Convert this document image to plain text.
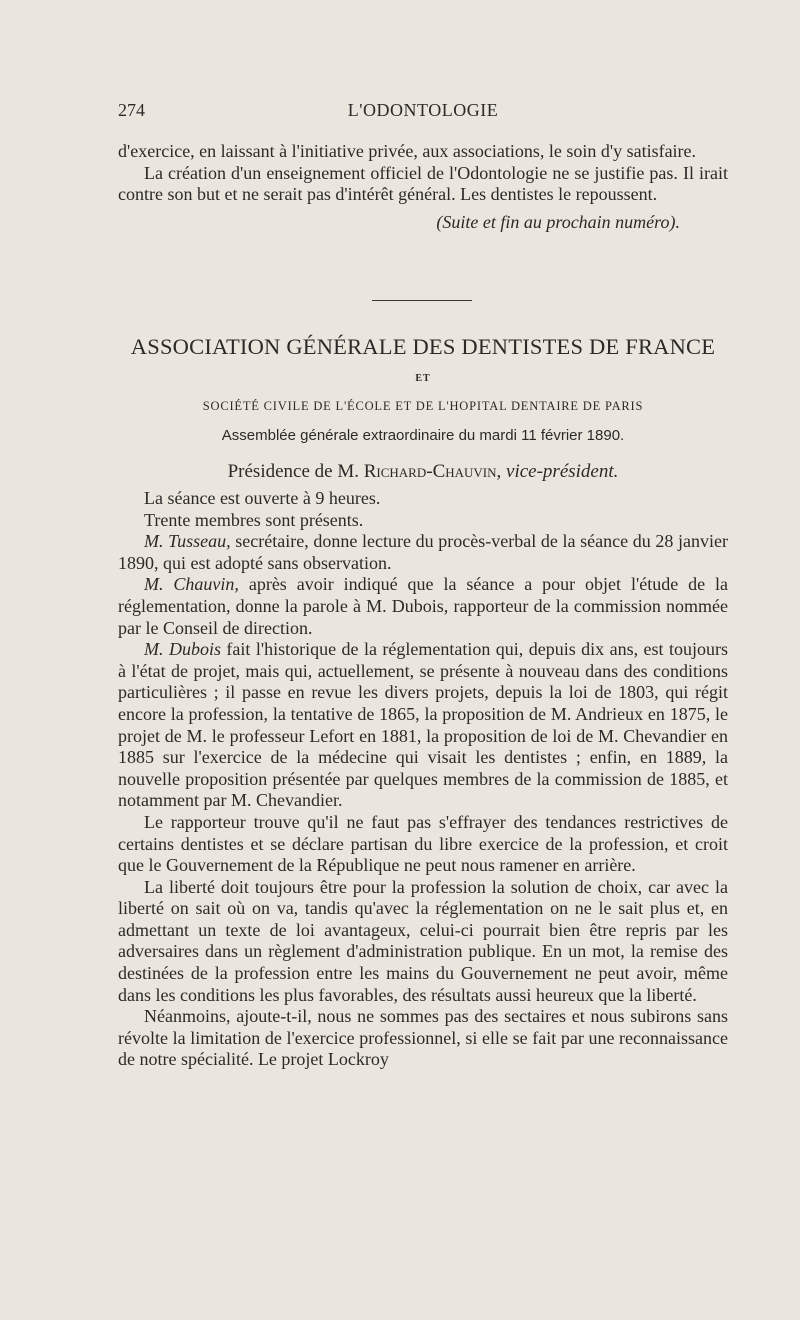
274	L'ODONTOLOGIE

d'exercice, en laissant à l'initiative privée, aux associations, le soin d'y satisfaire.

La création d'un enseignement officiel de l'Odontologie ne se justifie pas. Il irait contre son but et ne serait pas d'intérêt général. Les dentistes le repoussent.

(Suite et fin au prochain numéro).

ASSOCIATION GÉNÉRALE DES DENTISTES DE FRANCE
ET
SOCIÉTÉ CIVILE DE L'ÉCOLE ET DE L'HOPITAL DENTAIRE DE PARIS
Assemblée générale extraordinaire du mardi 11 février 1890.
Présidence de M. Richard-Chauvin, vice-président.

La séance est ouverte à 9 heures.

Trente membres sont présents.

M. Tusseau, secrétaire, donne lecture du procès-verbal de la séance du 28 janvier 1890, qui est adopté sans observation.

M. Chauvin, après avoir indiqué que la séance a pour objet l'étude de la réglementation, donne la parole à M. Dubois, rapporteur de la commission nommée par le Conseil de direction.

M. Dubois fait l'historique de la réglementation qui, depuis dix ans, est toujours à l'état de projet, mais qui, actuellement, se présente à nouveau dans des conditions particulières ; il passe en revue les divers projets, depuis la loi de 1803, qui régit encore la profession, la tentative de 1865, la proposition de M. Andrieux en 1875, le projet de M. le professeur Lefort en 1881, la proposition de loi de M. Chevandier en 1885 sur l'exercice de la médecine qui visait les dentistes ; enfin, en 1889, la nouvelle proposition présentée par quelques membres de la commission de 1885, et notamment par M. Chevandier.

Le rapporteur trouve qu'il ne faut pas s'effrayer des tendances restrictives de certains dentistes et se déclare partisan du libre exercice de la profession, et croit que le Gouvernement de la République ne peut nous ramener en arrière.

La liberté doit toujours être pour la profession la solution de choix, car avec la liberté on sait où on va, tandis qu'avec la réglementation on ne le sait plus et, en admettant un texte de loi avantageux, celui-ci pourrait bien être repris par les adversaires dans un règlement d'administration publique. En un mot, la remise des destinées de la profession entre les mains du Gouvernement ne peut avoir, même dans les conditions les plus favorables, des résultats aussi heureux que la liberté.

Néanmoins, ajoute-t-il, nous ne sommes pas des sectaires et nous subirons sans révolte la limitation de l'exercice professionnel, si elle se fait par une reconnaissance de notre spécialité. Le projet Lockroy
